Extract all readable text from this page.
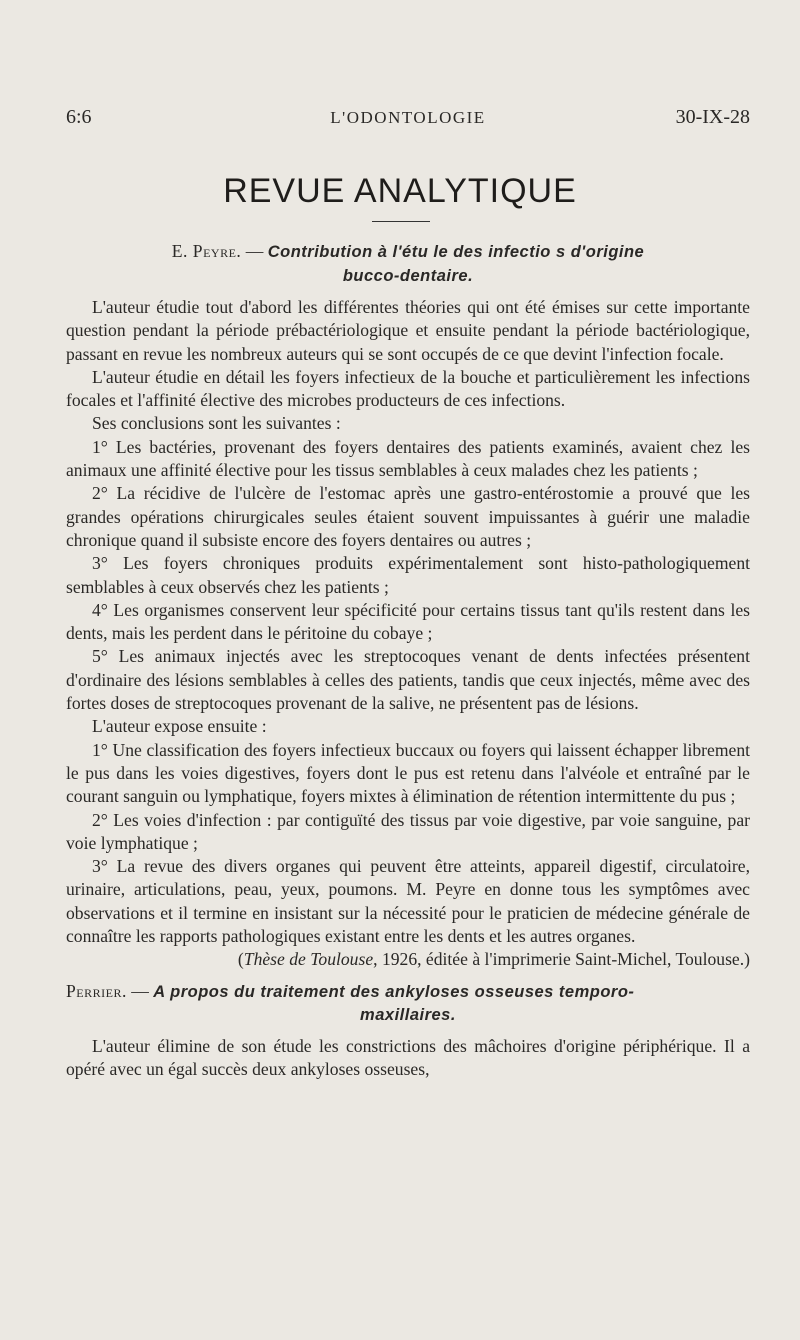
6:6	L'ODONTOLOGIE	30-IX-28
REVUE ANALYTIQUE
E. Peyre. — Contribution à l'étu le des infectio s d'origine
bucco-dentaire.

L'auteur étudie tout d'abord les différentes théories qui ont été émises sur cette importante question pendant la période prébactériologique et ensuite pendant la période bactériologique, passant en revue les nombreux auteurs qui se sont occupés de ce que devint l'infection focale.

L'auteur étudie en détail les foyers infectieux de la bouche et particulièrement les infections focales et l'affinité élective des microbes producteurs de ces infections.

Ses conclusions sont les suivantes :

1° Les bactéries, provenant des foyers dentaires des patients examinés, avaient chez les animaux une affinité élective pour les tissus semblables à ceux malades chez les patients ;

2° La récidive de l'ulcère de l'estomac après une gastro-entérostomie a prouvé que les grandes opérations chirurgicales seules étaient souvent impuissantes à guérir une maladie chronique quand il subsiste encore des foyers dentaires ou autres ;

3° Les foyers chroniques produits expérimentalement sont histo-pathologiquement semblables à ceux observés chez les patients ;

4° Les organismes conservent leur spécificité pour certains tissus tant qu'ils restent dans les dents, mais les perdent dans le péritoine du cobaye ;

5° Les animaux injectés avec les streptocoques venant de dents infectées présentent d'ordinaire des lésions semblables à celles des patients, tandis que ceux injectés, même avec des fortes doses de streptocoques provenant de la salive, ne présentent pas de lésions.

L'auteur expose ensuite :

1° Une classification des foyers infectieux buccaux ou foyers qui laissent échapper librement le pus dans les voies digestives, foyers dont le pus est retenu dans l'alvéole et entraîné par le courant sanguin ou lymphatique, foyers mixtes à élimination de rétention intermittente du pus ;

2° Les voies d'infection : par contiguïté des tissus par voie digestive, par voie sanguine, par voie lymphatique ;

3° La revue des divers organes qui peuvent être atteints, appareil digestif, circulatoire, urinaire, articulations, peau, yeux, poumons. M. Peyre en donne tous les symptômes avec observations et il termine en insistant sur la nécessité pour le praticien de médecine générale de connaître les rapports pathologiques existant entre les dents et les autres organes.

(Thèse de Toulouse, 1926, éditée à l'imprimerie Saint-Michel, Toulouse.)

Perrier. — A propos du traitement des ankyloses osseuses temporo-
maxillaires.

L'auteur élimine de son étude les constrictions des mâchoires d'origine périphérique. Il a opéré avec un égal succès deux ankyloses osseuses,
